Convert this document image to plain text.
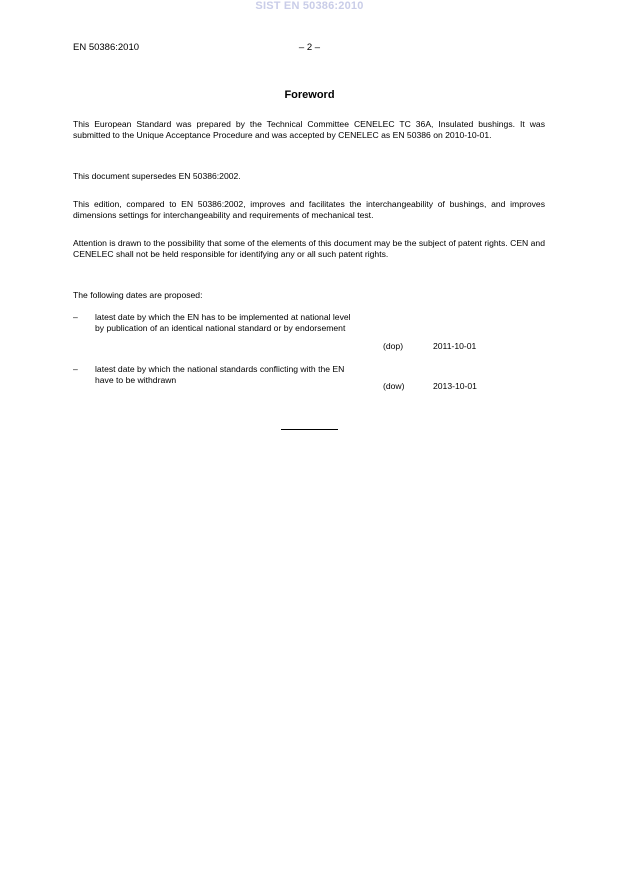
SIST EN 50386:2010
EN 50386:2010	– 2 –
Foreword
This European Standard was prepared by the Technical Committee CENELEC TC 36A, Insulated bushings. It was submitted to the Unique Acceptance Procedure and was accepted by CENELEC as EN 50386 on 2010-10-01.
This document supersedes EN 50386:2002.
This edition, compared to EN 50386:2002, improves and facilitates the interchangeability of bushings, and improves dimensions settings for interchangeability and requirements of mechanical test.
Attention is drawn to the possibility that some of the elements of this document may be the subject of patent rights. CEN and CENELEC shall not be held responsible for identifying any or all such patent rights.
The following dates are proposed:
– latest date by which the EN has to be implemented at national level by publication of an identical national standard or by endorsement
(dop)	2011-10-01
– latest date by which the national standards conflicting with the EN have to be withdrawn
(dow)	2013-10-01
